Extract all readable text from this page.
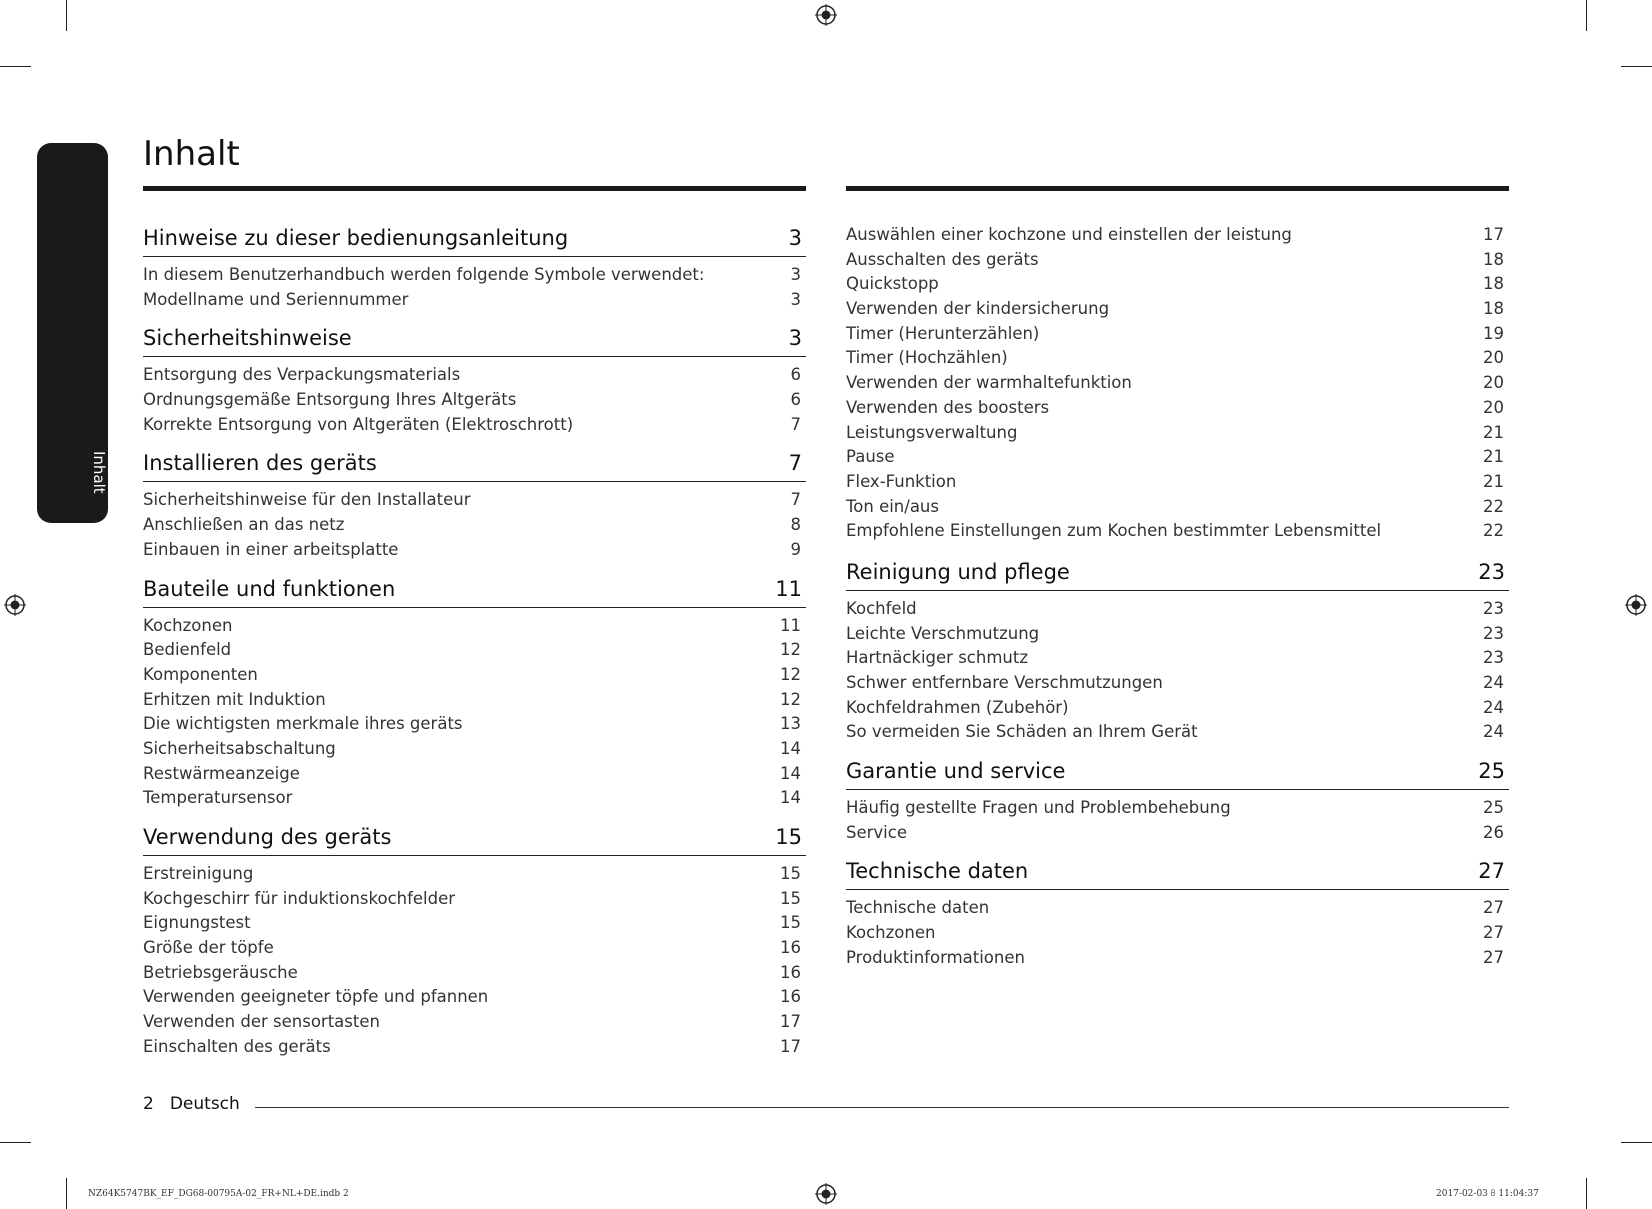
Inhalt
Inhalt
Hinweise zu dieser bedienungsanleitung	3
In diesem Benutzerhandbuch werden folgende Symbole verwendet:	3
Modellname und Seriennummer	3
Sicherheitshinweise	3
Entsorgung des Verpackungsmaterials	6
Ordnungsgemäße Entsorgung Ihres Altgeräts	6
Korrekte Entsorgung von Altgeräten (Elektroschrott)	7
Installieren des geräts	7
Sicherheitshinweise für den Installateur	7
Anschließen an das netz	8
Einbauen in einer arbeitsplatte	9
Bauteile und funktionen	11
Kochzonen	11
Bedienfeld	12
Komponenten	12
Erhitzen mit Induktion	12
Die wichtigsten merkmale ihres geräts	13
Sicherheitsabschaltung	14
Restwärmeanzeige	14
Temperatursensor	14
Verwendung des geräts	15
Erstreinigung	15
Kochgeschirr für induktionskochfelder	15
Eignungstest	15
Größe der töpfe	16
Betriebsgeräusche	16
Verwenden geeigneter töpfe und pfannen	16
Verwenden der sensortasten	17
Einschalten des geräts	17
Auswählen einer kochzone und einstellen der leistung	17
Ausschalten des geräts	18
Quickstopp	18
Verwenden der kindersicherung	18
Timer (Herunterzählen)	19
Timer (Hochzählen)	20
Verwenden der warmhaltefunktion	20
Verwenden des boosters	20
Leistungsverwaltung	21
Pause	21
Flex-Funktion	21
Ton ein/aus	22
Empfohlene Einstellungen zum Kochen bestimmter Lebensmittel	22
Reinigung und pflege	23
Kochfeld	23
Leichte Verschmutzung	23
Hartnäckiger schmutz	23
Schwer entfernbare Verschmutzungen	24
Kochfeldrahmen (Zubehör)	24
So vermeiden Sie Schäden an Ihrem Gerät	24
Garantie und service	25
Häufig gestellte Fragen und Problembehebung	25
Service	26
Technische daten	27
Technische daten	27
Kochzonen	27
Produktinformationen	27
2 Deutsch
NZ64K5747BK_EF_DG68-00795A-02_FR+NL+DE.indb 2	2017-02-03 ꕗ 11:04:37
